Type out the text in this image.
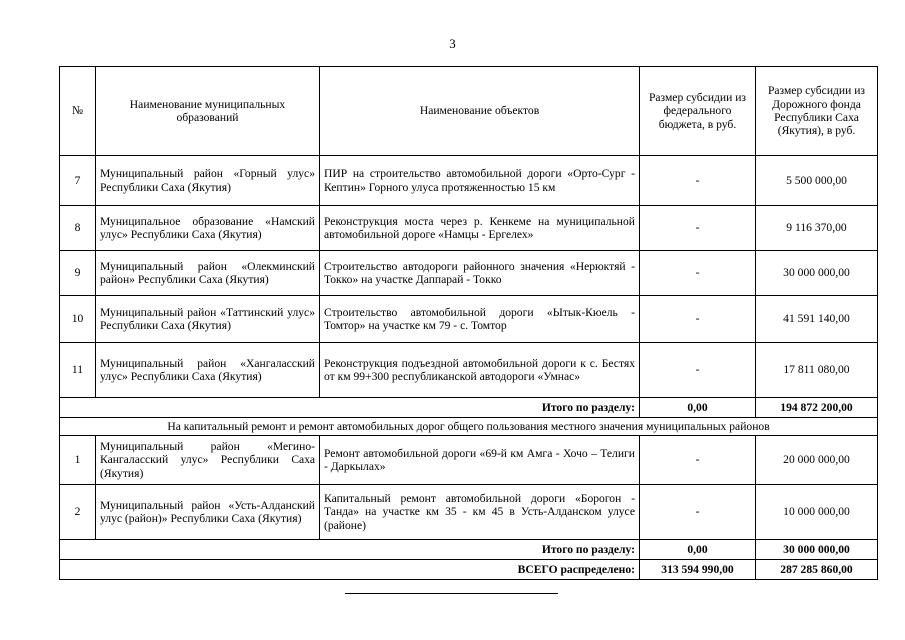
3
№	Наименование муниципальных образований	Наименование объектов	Размер субсидии из федерального бюджета, в руб.	Размер субсидии из Дорожного фонда Республики Саха (Якутия), в руб.
7	Муниципальный район «Горный улус» Республики Саха (Якутия)	ПИР на строительство автомобильной дороги «Орто-Сург - Кептин» Горного улуса протяженностью 15 км	-	5 500 000,00
8	Муниципальное образование «Намский улус» Республики Саха (Якутия)	Реконструкция моста через р. Кенкеме на муниципальной автомобильной дороге «Намцы - Ергелех»	-	9 116 370,00
9	Муниципальный район «Олекминский район» Республики Саха (Якутия)	Строительство автодороги районного значения «Нерюктяй - Токко» на участке Даппарай - Токко	-	30 000 000,00
10	Муниципальный район «Таттинский улус» Республики Саха (Якутия)	Строительство автомобильной дороги «Ытык-Кюель - Томтор» на участке км 79 - с. Томтор	-	41 591 140,00
11	Муниципальный район «Хангаласский улус» Республики Саха (Якутия)	Реконструкция подъездной автомобильной дороги к с. Бестях от км 99+300 республиканской автодороги «Умнас»	-	17 811 080,00
Итого по разделу:			0,00	194 872 200,00
На капитальный ремонт и ремонт автомобильных дорог общего пользования местного значения муниципальных районов				
1	Муниципальный район «Мегино-Кангаласский улус» Республики Саха (Якутия)	Ремонт автомобильной дороги «69-й км Амга - Хочо – Телиги - Даркылах»	-	20 000 000,00
2	Муниципальный район «Усть-Алданский улус (район)» Республики Саха (Якутия)	Капитальный ремонт автомобильной дороги «Борогон - Танда» на участке км 35 - км 45 в Усть-Алданском улусе (районе)	-	10 000 000,00
Итого по разделу:			0,00	30 000 000,00
ВСЕГО распределено:			313 594 990,00	287 285 860,00
